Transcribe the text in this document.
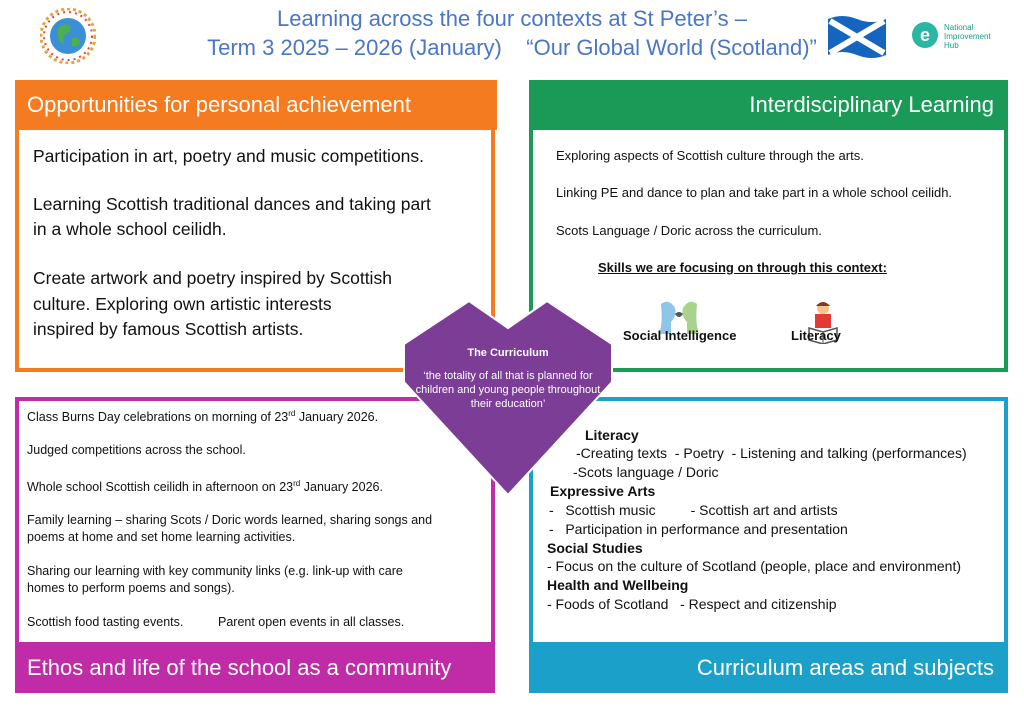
Learning across the four contexts at St Peter’s –
Term 3 2025 – 2026 (January)    “Our Global World (Scotland)”	e	National
Improvement
Hub
Opportunities for personal achievement	Interdisciplinary Learning
Ethos and life of the school as a community	Curriculum areas and subjects
Participation in art, poetry and music competitions.
Learning Scottish traditional dances and taking part
in a whole school ceilidh.
Create artwork and poetry inspired by Scottish
culture. Exploring own artistic interests
inspired by famous Scottish artists.
Exploring aspects of Scottish culture through the arts.
Linking PE and dance to plan and take part in a whole school ceilidh.
Scots Language / Doric across the curriculum.
Skills we are focusing on through this context:
Social Intelligence	Literacy
Class Burns Day celebrations on morning of 23rd January 2026.
Judged competitions across the school.
Whole school Scottish ceilidh in afternoon on 23rd January 2026.
Family learning – sharing Scots / Doric words learned, sharing songs and
poems at home and set home learning activities.
Sharing our learning with key community links (e.g. link-up with care
homes to perform poems and songs).
Scottish food tasting events.	Parent open events in all classes.
Literacy
-Creating texts  - Poetry  - Listening and talking (performances)
-Scots language / Doric
Expressive Arts
-   Scottish music         - Scottish art and artists
-   Participation in performance and presentation
Social Studies
- Focus on the culture of Scotland (people, place and environment)
Health and Wellbeing
- Foods of Scotland   - Respect and citizenship
The Curriculum
‘the totality of all that is planned for children and young people throughout their education’
